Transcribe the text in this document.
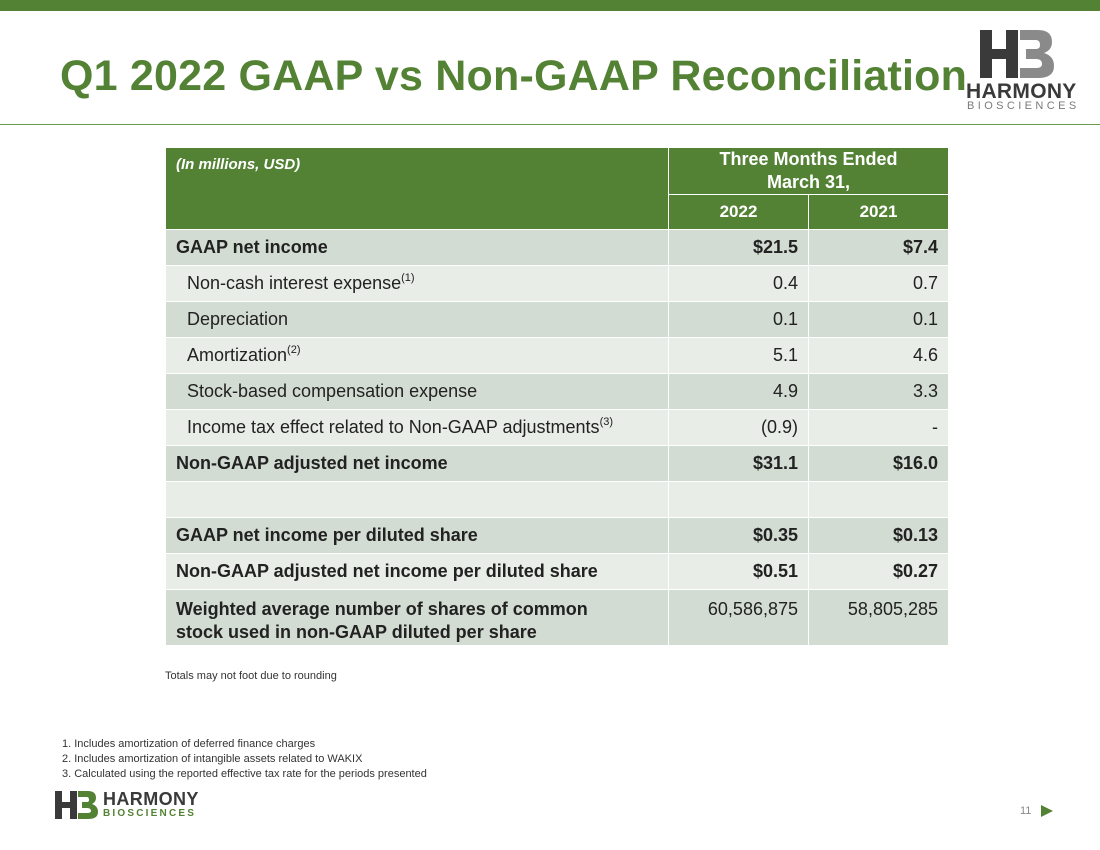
Q1 2022 GAAP vs Non-GAAP Reconciliation
HARMONY
BIOSCIENCES
(In millions, USD)	Three Months Ended
March 31,	
	2022	2021
GAAP net income	$21.5	$7.4
Non-cash interest expense$^{(1)}$	0.4	0.7
Depreciation	0.1	0.1
Amortization$^{(2)}$	5.1	4.6
Stock-based compensation expense	4.9	3.3
Income tax effect related to Non-GAAP adjustments$^{(3)}$	(0.9)	-
Non-GAAP adjusted net income	$31.1	$16.0

GAAP net income per diluted share	$0.35	$0.13
Non-GAAP adjusted net income per diluted share	$0.51	$0.27
Weighted average number of shares of common
stock used in non-GAAP diluted per share	60,586,875	58,805,285
Totals may not foot due to rounding
1. Includes amortization of deferred finance charges
2. Includes amortization of intangible assets related to WAKIX
3. Calculated using the reported effective tax rate for the periods presented
HARMONY
BIOSCIENCES	11
